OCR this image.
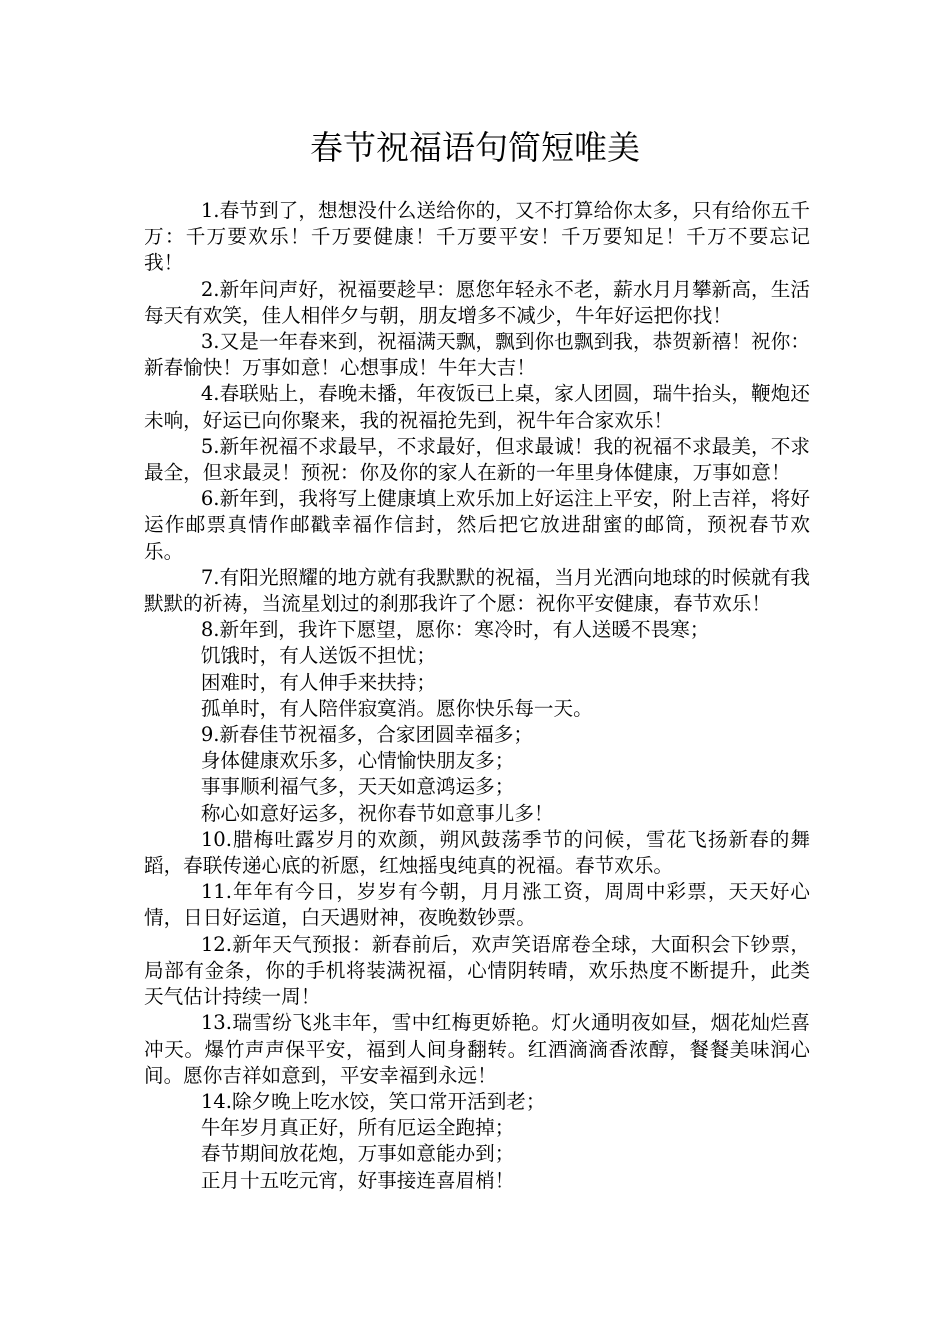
春节祝福语句简短唯美

1.春节到了，想想没什么送给你的，又不打算给你太多，只有给你五千万：千万要欢乐！千万要健康！千万要平安！千万要知足！千万不要忘记我！

2.新年问声好，祝福要趁早：愿您年轻永不老，薪水月月攀新高，生活每天有欢笑，佳人相伴夕与朝，朋友增多不减少，牛年好运把你找！

3.又是一年春来到，祝福满天飘，飘到你也飘到我，恭贺新禧！祝你：新春愉快！万事如意！心想事成！牛年大吉！

4.春联贴上，春晚未播，年夜饭已上桌，家人团圆，瑞牛抬头，鞭炮还未响，好运已向你聚来，我的祝福抢先到，祝牛年合家欢乐！

5.新年祝福不求最早，不求最好，但求最诚！我的祝福不求最美，不求最全，但求最灵！预祝：你及你的家人在新的一年里身体健康，万事如意！

6.新年到，我将写上健康填上欢乐加上好运注上平安，附上吉祥，将好运作邮票真情作邮戳幸福作信封，然后把它放进甜蜜的邮筒，预祝春节欢乐。

7.有阳光照耀的地方就有我默默的祝福，当月光洒向地球的时候就有我默默的祈祷，当流星划过的刹那我许了个愿：祝你平安健康，春节欢乐！

8.新年到，我许下愿望，愿你：寒冷时，有人送暖不畏寒；

饥饿时，有人送饭不担忧；

困难时，有人伸手来扶持；

孤单时，有人陪伴寂寞消。愿你快乐每一天。

9.新春佳节祝福多，合家团圆幸福多；

身体健康欢乐多，心情愉快朋友多；

事事顺利福气多，天天如意鸿运多；

称心如意好运多，祝你春节如意事儿多！

10.腊梅吐露岁月的欢颜，朔风鼓荡季节的问候，雪花飞扬新春的舞蹈，春联传递心底的祈愿，红烛摇曳纯真的祝福。春节欢乐。

11.年年有今日，岁岁有今朝，月月涨工资，周周中彩票，天天好心情，日日好运道，白天遇财神，夜晚数钞票。

12.新年天气预报：新春前后，欢声笑语席卷全球，大面积会下钞票，局部有金条，你的手机将装满祝福，心情阴转晴，欢乐热度不断提升，此类天气估计持续一周！

13.瑞雪纷飞兆丰年，雪中红梅更娇艳。灯火通明夜如昼，烟花灿烂喜冲天。爆竹声声保平安，福到人间身翻转。红酒滴滴香浓醇，餐餐美味润心间。愿你吉祥如意到，平安幸福到永远！

14.除夕晚上吃水饺，笑口常开活到老；

牛年岁月真正好，所有厄运全跑掉；

春节期间放花炮，万事如意能办到；

正月十五吃元宵，好事接连喜眉梢！
